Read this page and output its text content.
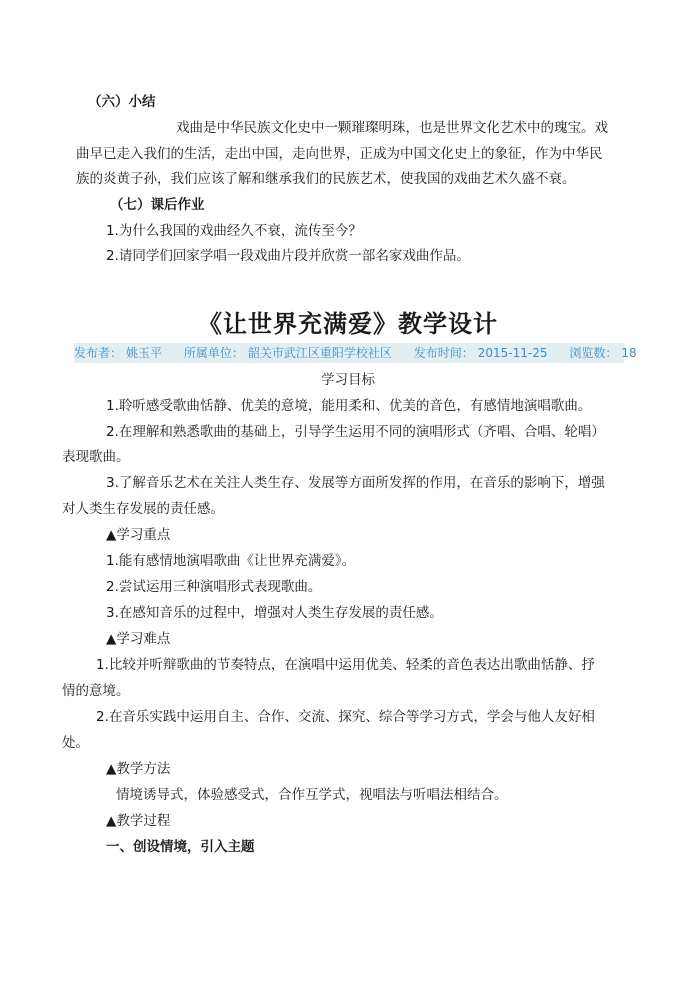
（六）小结
戏曲是中华民族文化史中一颗璀璨明珠，也是世界文化艺术中的瑰宝。戏
曲早已走入我们的生活，走出中国，走向世界，正成为中国文化史上的象征，作为中华民
族的炎黄子孙，我们应该了解和继承我们的民族艺术，使我国的戏曲艺术久盛不衰。
（七）课后作业
1.为什么我国的戏曲经久不衰，流传至今？
2.请同学们回家学唱一段戏曲片段并欣赏一部名家戏曲作品。
《让世界充满爱》教学设计
发布者： 姚玉平 所属单位： 韶关市武江区重阳学校社区 发布时间： 2015-11-25 浏览数： 18
学习目标
1.聆听感受歌曲恬静、优美的意境，能用柔和、优美的音色，有感情地演唱歌曲。
2.在理解和熟悉歌曲的基础上，引导学生运用不同的演唱形式（齐唱、合唱、轮唱）
表现歌曲。
3.了解音乐艺术在关注人类生存、发展等方面所发挥的作用，在音乐的影响下，增强
对人类生存发展的责任感。
▲学习重点
1.能有感情地演唱歌曲《让世界充满爱》。
2.尝试运用三种演唱形式表现歌曲。
3.在感知音乐的过程中，增强对人类生存发展的责任感。
▲学习难点
1.比较并听辩歌曲的节奏特点，在演唱中运用优美、轻柔的音色表达出歌曲恬静、抒
情的意境。
2.在音乐实践中运用自主、合作、交流、探究、综合等学习方式，学会与他人友好相
处。
▲教学方法
情境诱导式，体验感受式，合作互学式，视唱法与听唱法相结合。
▲教学过程
一、创设情境，引入主题
